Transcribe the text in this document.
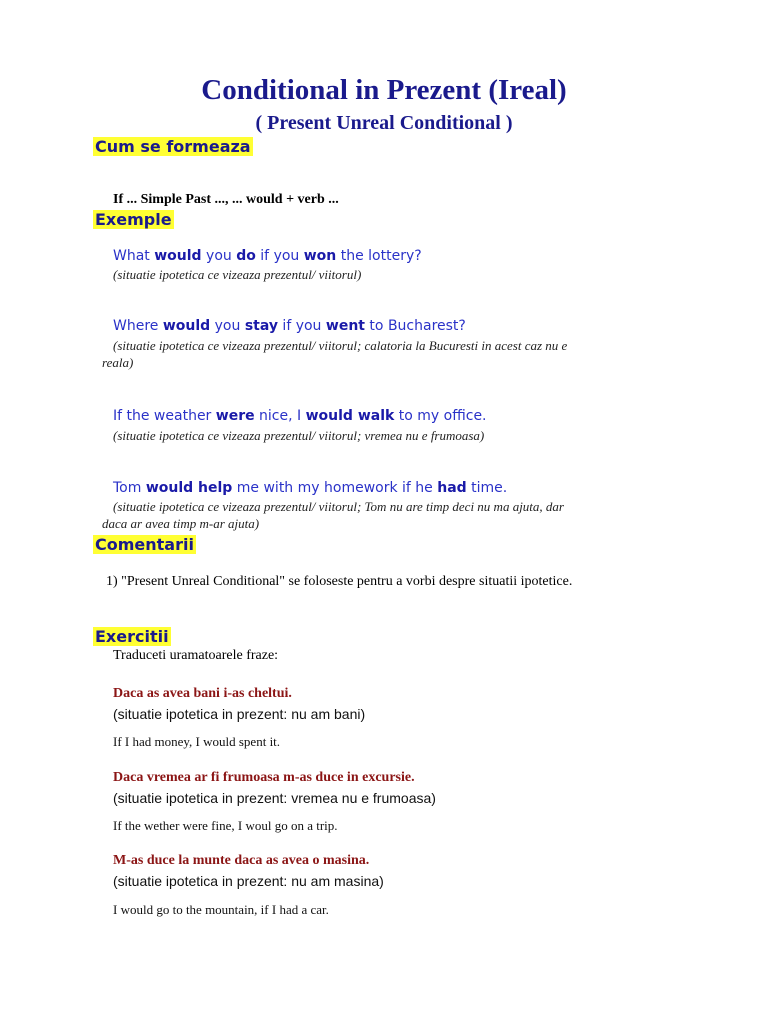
Conditional in Prezent (Ireal)
( Present Unreal Conditional )
Cum se formeaza
If ... Simple Past ..., ... would + verb ...
Exemple
What would you do if you won the lottery?
(situatie ipotetica ce vizeaza prezentul/ viitorul)
Where would you stay if you went to Bucharest?
(situatie ipotetica ce vizeaza prezentul/ viitorul; calatoria la Bucuresti in acest caz nu e
reala)
If the weather were nice, I would walk to my office.
(situatie ipotetica ce vizeaza prezentul/ viitorul; vremea nu e frumoasa)
Tom would help me with my homework if he had time.
(situatie ipotetica ce vizeaza prezentul/ viitorul; Tom nu are timp deci nu ma ajuta, dar
daca ar avea timp m-ar ajuta)
Comentarii
1) "Present Unreal Conditional" se foloseste pentru a vorbi despre situatii ipotetice.
Exercitii
Traduceti uramatoarele fraze:
Daca as avea bani i-as cheltui.
(situatie ipotetica in prezent: nu am bani)
If I had money, I would spent it.
Daca vremea ar fi frumoasa m-as duce in excursie.
(situatie ipotetica in prezent: vremea nu e frumoasa)
If the wether were fine, I woul go on a trip.
M-as duce la munte daca as avea o masina.
(situatie ipotetica in prezent: nu am masina)
I would go to the mountain, if I had a car.
